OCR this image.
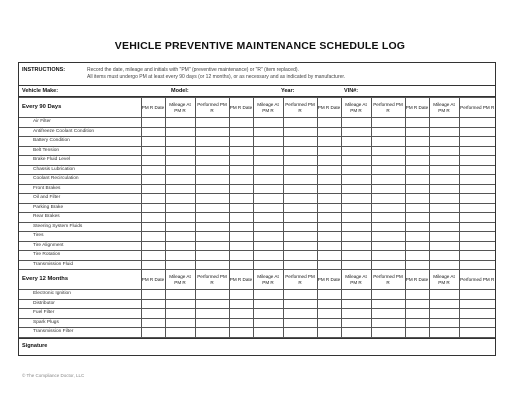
VEHICLE PREVENTIVE MAINTENANCE SCHEDULE LOG
INSTRUCTIONS:	Record the date, mileage and initials with "PM" (preventive maintenance) or "R" (item replaced).
All items must undergo PM at least every 90 days (or 12 months), or as necessary and as indicated by manufacturer.
Vehicle Make:	Model:	Year:	VIN#:
Every 90 Days	PM R Date	Mileage At PM R	Performed PM R	PM R Date	Mileage At PM R	Performed PM R	PM R Date	Mileage At PM R	Performed PM R	PM R Date	Mileage At PM R	Performed PM R
Air Filter												
Antifreeze Coolant Condition												
Battery Condition												
Belt Tension												
Brake Fluid Level												
Chassis Lubrication												
Coolant Recirculation												
Front Brakes												
Oil and Filter												
Parking Brake												
Rear Brakes												
Steering System Fluids												
Tires												
Tire Alignment												
Tire Rotation												
Transmission Fluid												
Every 12 Months	PM R Date	Mileage At PM R	Performed PM R	PM R Date	Mileage At PM R	Performed PM R	PM R Date	Mileage At PM R	Performed PM R	PM R Date	Mileage At PM R	Performed PM R
Electronic Ignition												
Distributor												
Fuel Filter												
Spark Plugs												
Transmission Filter												
Signature
© The Compliance Doctor, LLC
